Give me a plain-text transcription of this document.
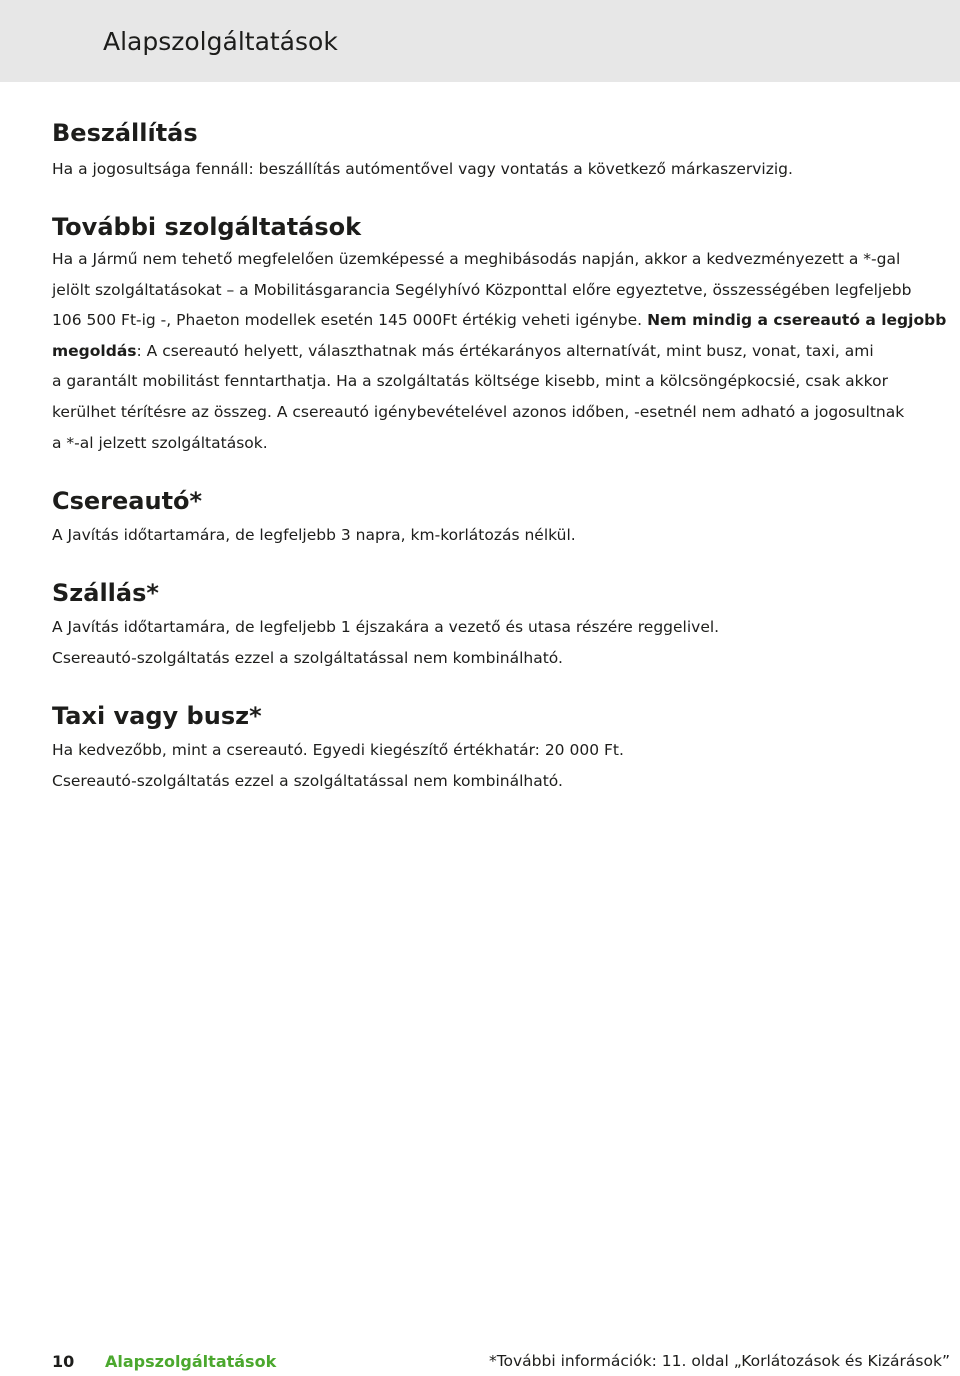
Alapszolgáltatások
Beszállítás

Ha a jogosultsága fennáll: beszállítás autómentővel vagy vontatás a következő márkaszervizig.

További szolgáltatások

Ha a Jármű nem tehető megfelelően üzemképessé a meghibásodás napján, akkor a kedvezményezett a *-gal
jelölt szolgáltatásokat – a Mobilitásgarancia Segélyhívó Központtal előre egyeztetve, összességében legfeljebb
106 500 Ft-ig -, Phaeton modellek esetén 145 000Ft értékig veheti igénybe. Nem mindig a csereautó a legjobb
megoldás: A csereautó helyett, választhatnak más értékarányos alternatívát, mint busz, vonat, taxi, ami
a garantált mobilitást fenntarthatja. Ha a szolgáltatás költsége kisebb, mint a kölcsöngépkocsié, csak akkor
kerülhet térítésre az összeg. A csereautó igénybevételével azonos időben, -esetnél nem adható a jogosultnak
a *-al jelzett szolgáltatások.

Csereautó*

A Javítás időtartamára, de legfeljebb 3 napra, km-korlátozás nélkül.

Szállás*

A Javítás időtartamára, de legfeljebb 1 éjszakára a vezető és utasa részére reggelivel.
Csereautó-szolgáltatás ezzel a szolgáltatással nem kombinálható.

Taxi vagy busz*

Ha kedvezőbb, mint a csereautó. Egyedi kiegészítő értékhatár: 20 000 Ft.
Csereautó-szolgáltatás ezzel a szolgáltatással nem kombinálható.

10 Alapszolgáltatások	*További információk: 11. oldal „Korlátozások és Kizárások”
